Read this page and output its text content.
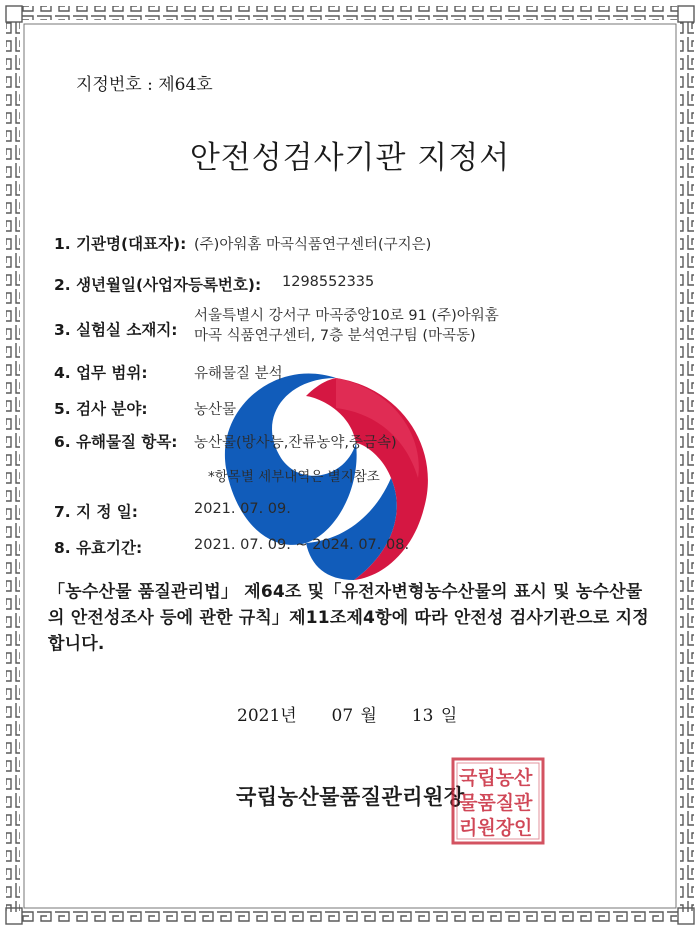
지정번호 : 제64호
안전성검사기관 지정서
1. 기관명(대표자): (주)아워홈 마곡식품연구센터(구지은)
2. 생년월일(사업자등록번호): 1298552335
3. 실험실 소재지:
서울특별시 강서구 마곡중앙10로 91 (주)아워홈 마곡 식품연구센터, 7층 분석연구팀 (마곡동)
4. 업무 범위:	유해물질 분석
5. 검사 분야:	농산물
6. 유해물질 항목: 농산물(방사능,잔류농약,중금속)
*항목별 세부내역은 별지참조
7. 지 정 일:	2021. 07. 09.
8. 유효기간:	2021. 07. 09. ~ 2024. 07. 08.
「농수산물 품질관리법」 제64조 및「유전자변형농수산물의 표시 및 농수산물의 안전성조사 등에 관한 규칙」제11조제4항에 따라 안전성 검사기관으로 지정합니다.
2021년 07 월 13 일
국립농산물품질관리원장
국립농산
물품질관
리원장인
